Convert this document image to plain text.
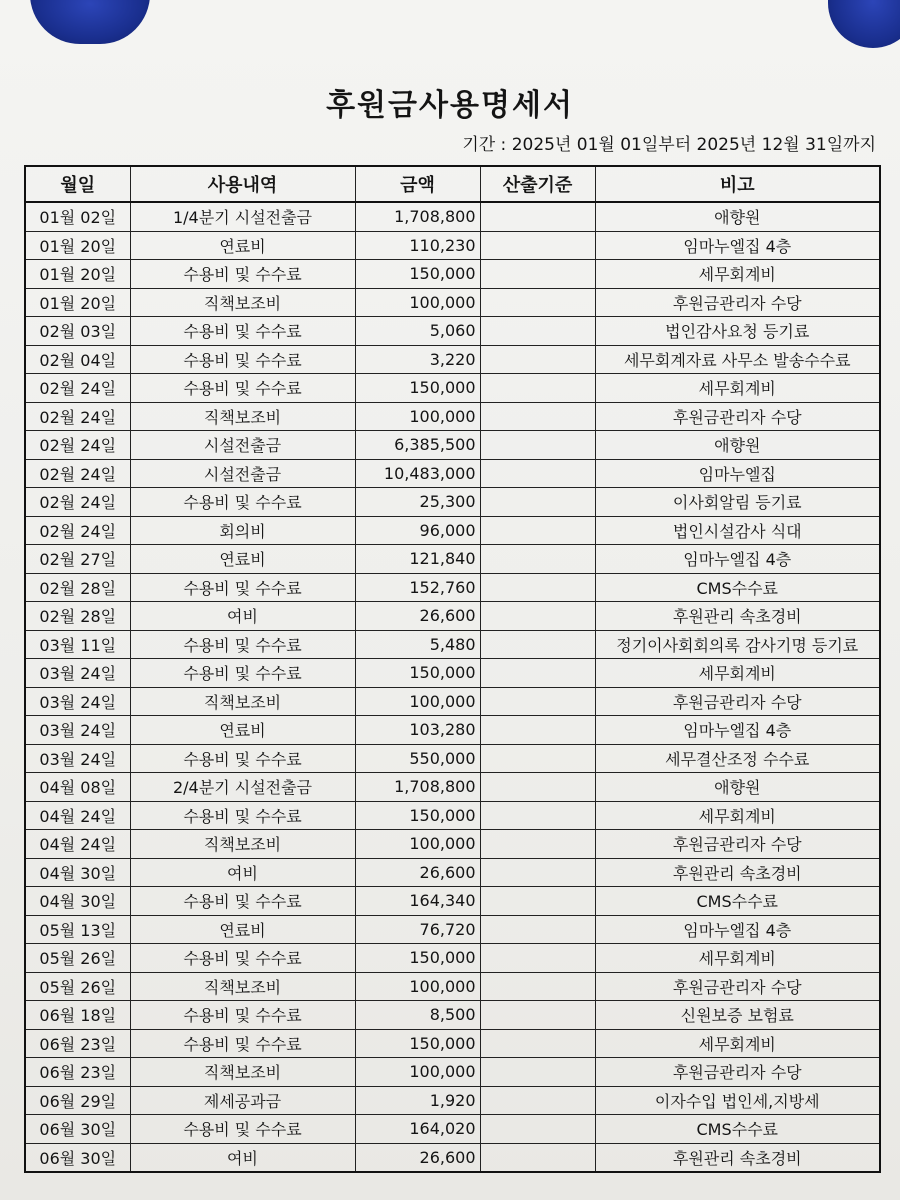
후원금사용명세서
기간 : 2025년 01월 01일부터 2025년 12월 31일까지
월일	사용내역	금액	산출기준	비고
01월 02일	1/4분기 시설전출금	1,708,800		애향원
01월 20일	연료비	110,230		임마누엘집 4층
01월 20일	수용비 및 수수료	150,000		세무회계비
01월 20일	직책보조비	100,000		후원금관리자 수당
02월 03일	수용비 및 수수료	5,060		법인감사요청 등기료
02월 04일	수용비 및 수수료	3,220		세무회계자료 사무소 발송수수료
02월 24일	수용비 및 수수료	150,000		세무회계비
02월 24일	직책보조비	100,000		후원금관리자 수당
02월 24일	시설전출금	6,385,500		애향원
02월 24일	시설전출금	10,483,000		임마누엘집
02월 24일	수용비 및 수수료	25,300		이사회알림 등기료
02월 24일	회의비	96,000		법인시설감사 식대
02월 27일	연료비	121,840		임마누엘집 4층
02월 28일	수용비 및 수수료	152,760		CMS수수료
02월 28일	여비	26,600		후원관리 속초경비
03월 11일	수용비 및 수수료	5,480		정기이사회회의록 감사기명 등기료
03월 24일	수용비 및 수수료	150,000		세무회계비
03월 24일	직책보조비	100,000		후원금관리자 수당
03월 24일	연료비	103,280		임마누엘집 4층
03월 24일	수용비 및 수수료	550,000		세무결산조정 수수료
04월 08일	2/4분기 시설전출금	1,708,800		애향원
04월 24일	수용비 및 수수료	150,000		세무회계비
04월 24일	직책보조비	100,000		후원금관리자 수당
04월 30일	여비	26,600		후원관리 속초경비
04월 30일	수용비 및 수수료	164,340		CMS수수료
05월 13일	연료비	76,720		임마누엘집 4층
05월 26일	수용비 및 수수료	150,000		세무회계비
05월 26일	직책보조비	100,000		후원금관리자 수당
06월 18일	수용비 및 수수료	8,500		신원보증 보험료
06월 23일	수용비 및 수수료	150,000		세무회계비
06월 23일	직책보조비	100,000		후원금관리자 수당
06월 29일	제세공과금	1,920		이자수입 법인세,지방세
06월 30일	수용비 및 수수료	164,020		CMS수수료
06월 30일	여비	26,600		후원관리 속초경비
